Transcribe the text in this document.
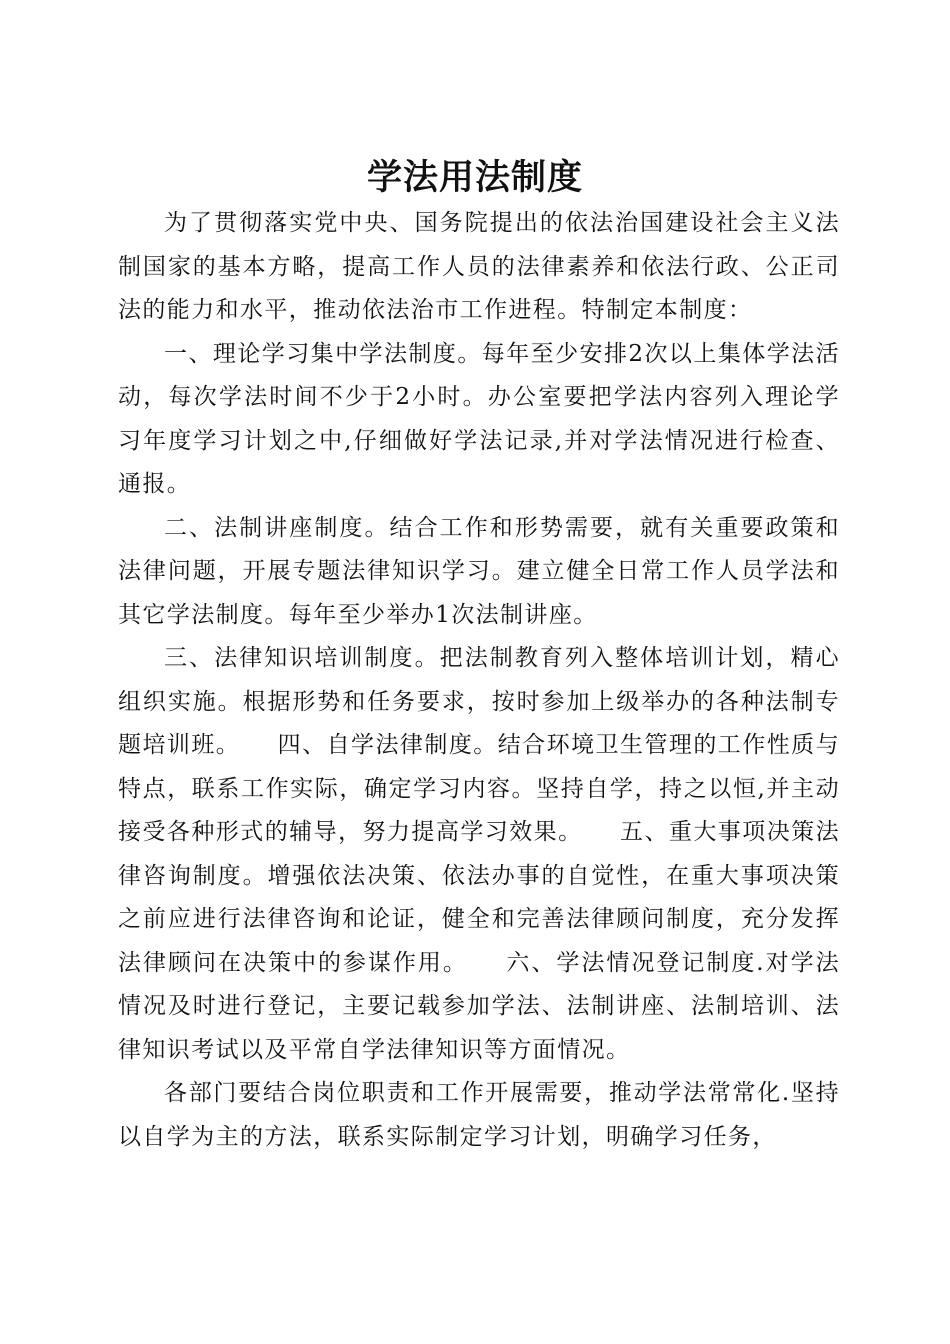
学法用法制度

为了贯彻落实党中央、国务院提出的依法治国建设社会主义法制国家的基本方略，提高工作人员的法律素养和依法行政、公正司法的能力和水平，推动依法治市工作进程。特制定本制度：

一、理论学习集中学法制度。每年至少安排2次以上集体学法活动，每次学法时间不少于2小时。办公室要把学法内容列入理论学习年度学习计划之中,仔细做好学法记录,并对学法情况进行检查、通报。

二、法制讲座制度。结合工作和形势需要，就有关重要政策和法律问题，开展专题法律知识学习。建立健全日常工作人员学法和其它学法制度。每年至少举办1次法制讲座。

三、法律知识培训制度。把法制教育列入整体培训计划，精心组织实施。根据形势和任务要求，按时参加上级举办的各种法制专题培训班。　　四、自学法律制度。结合环境卫生管理的工作性质与特点，联系工作实际，确定学习内容。坚持自学，持之以恒,并主动接受各种形式的辅导，努力提高学习效果。　　五、重大事项决策法律咨询制度。增强依法决策、依法办事的自觉性，在重大事项决策之前应进行法律咨询和论证，健全和完善法律顾问制度，充分发挥法律顾问在决策中的参谋作用。　　六、学法情况登记制度.对学法情况及时进行登记，主要记载参加学法、法制讲座、法制培训、法律知识考试以及平常自学法律知识等方面情况。

各部门要结合岗位职责和工作开展需要，推动学法常常化.坚持以自学为主的方法，联系实际制定学习计划，明确学习任务，
